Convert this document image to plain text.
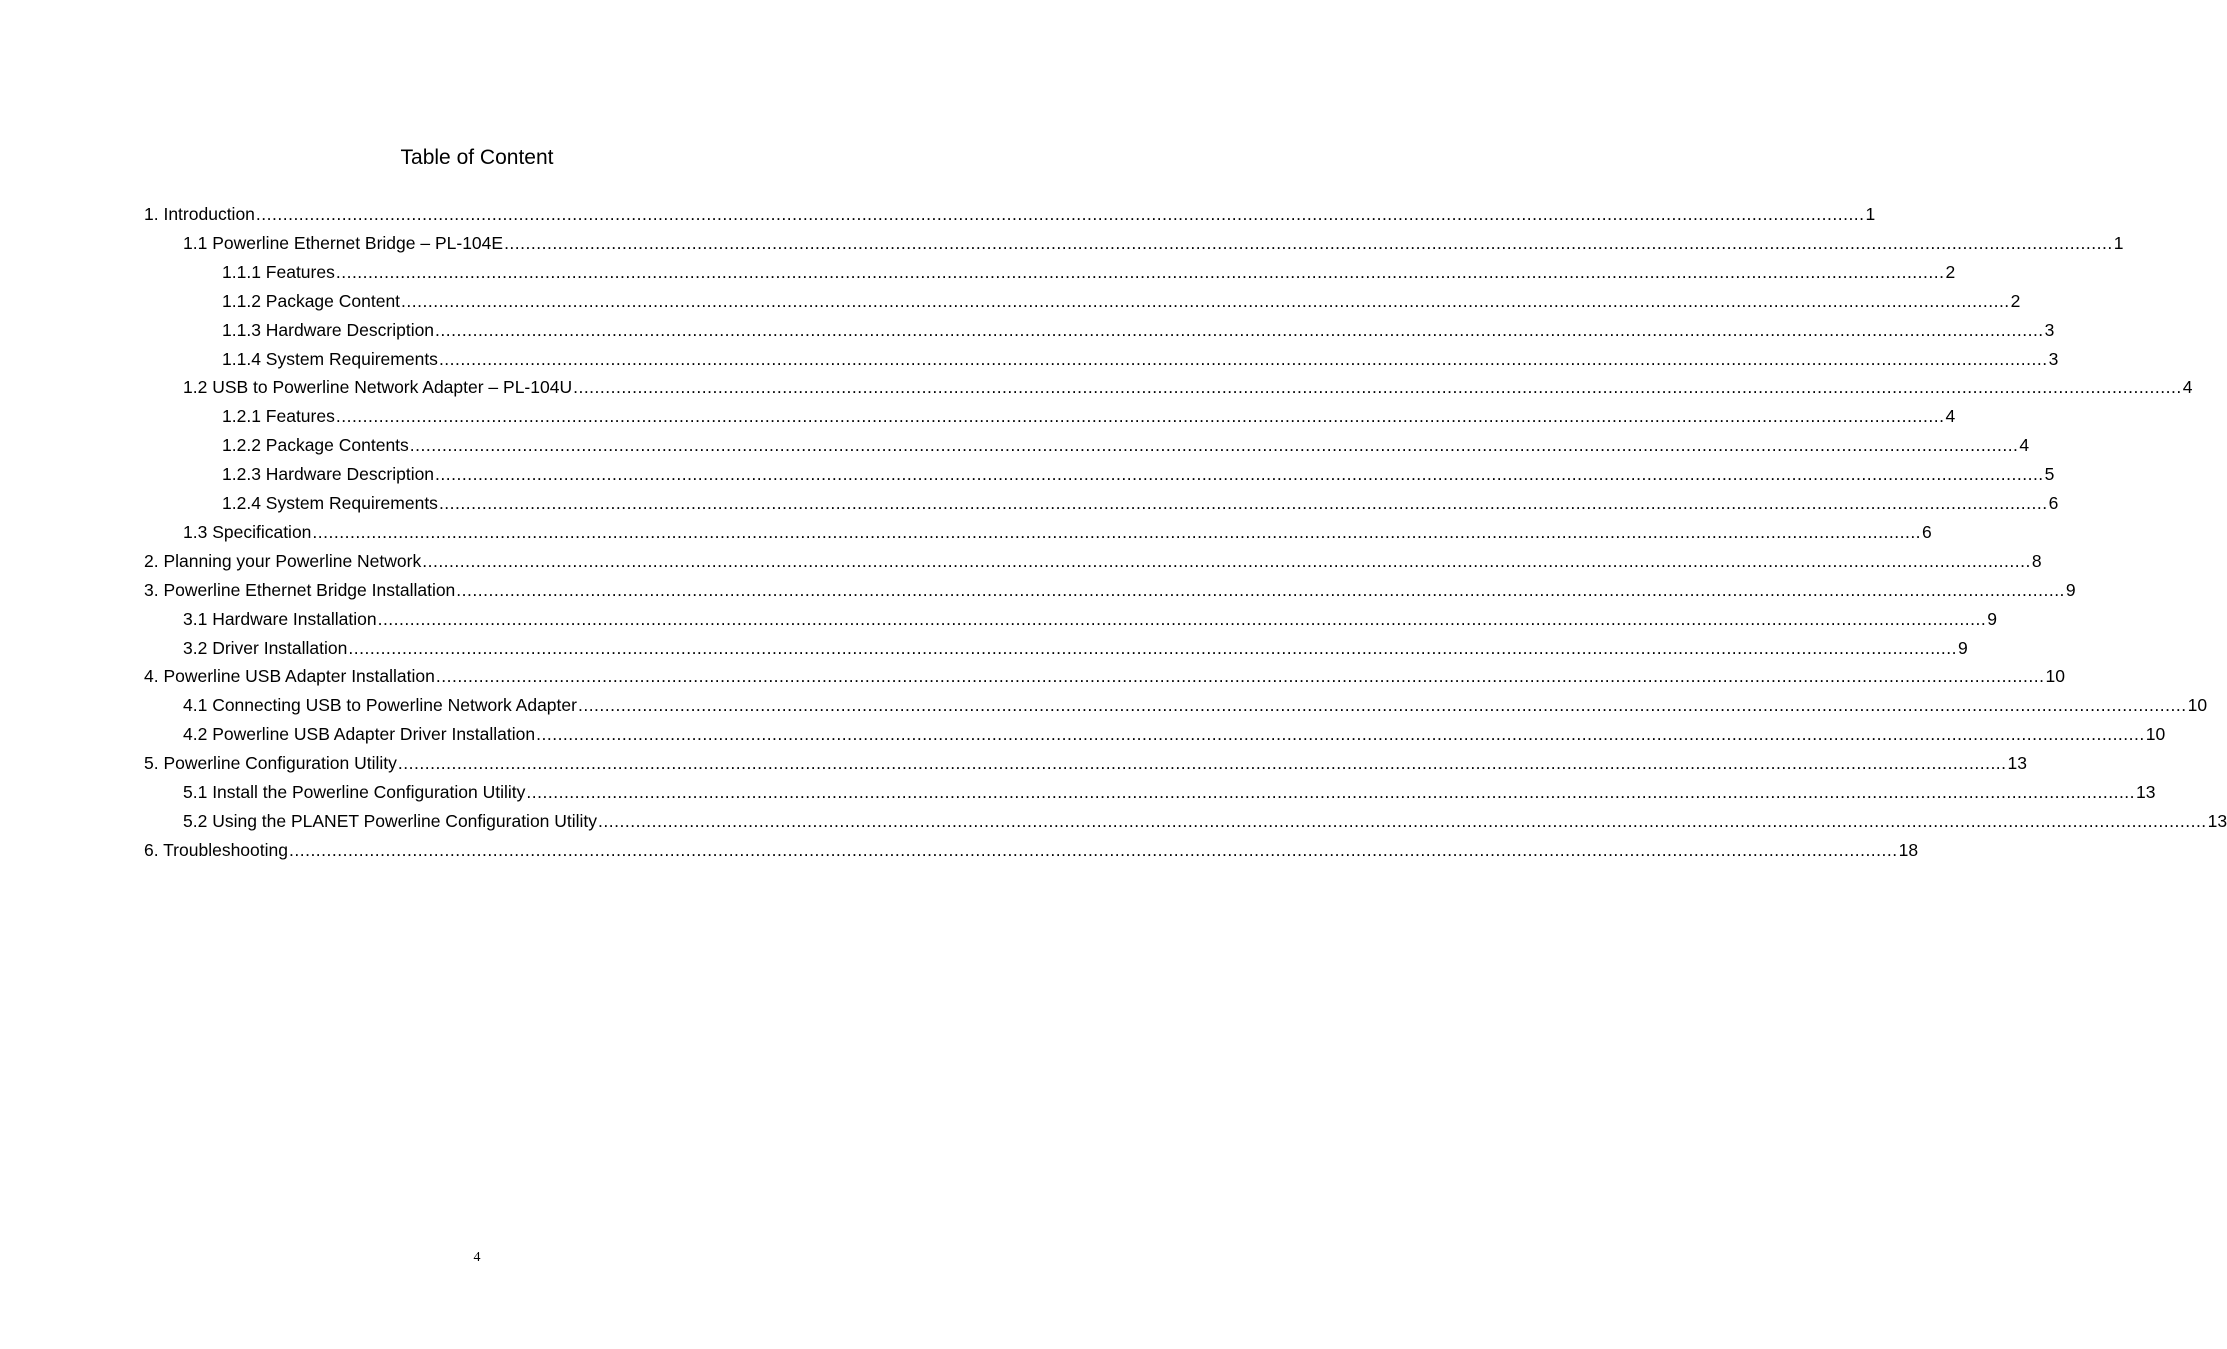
Table of Content
1. Introduction ............................................................................................................................................................................................................................................................................................................ 1
1.1 Powerline Ethernet Bridge – PL-104E ............................................................................................................................................................................................................................................................................................................ 1
1.1.1 Features ............................................................................................................................................................................................................................................................................................................ 2
1.1.2 Package Content ............................................................................................................................................................................................................................................................................................................ 2
1.1.3 Hardware Description ............................................................................................................................................................................................................................................................................................................ 3
1.1.4 System Requirements ............................................................................................................................................................................................................................................................................................................ 3
1.2 USB to Powerline Network Adapter – PL-104U ............................................................................................................................................................................................................................................................................................................ 4
1.2.1 Features ............................................................................................................................................................................................................................................................................................................ 4
1.2.2 Package Contents ............................................................................................................................................................................................................................................................................................................ 4
1.2.3 Hardware Description ............................................................................................................................................................................................................................................................................................................ 5
1.2.4 System Requirements ............................................................................................................................................................................................................................................................................................................ 6
1.3 Specification ............................................................................................................................................................................................................................................................................................................ 6
2. Planning your Powerline Network ............................................................................................................................................................................................................................................................................................................ 8
3. Powerline Ethernet Bridge Installation ............................................................................................................................................................................................................................................................................................................ 9
3.1 Hardware Installation ............................................................................................................................................................................................................................................................................................................ 9
3.2 Driver Installation ............................................................................................................................................................................................................................................................................................................ 9
4. Powerline USB Adapter Installation ............................................................................................................................................................................................................................................................................................................ 10
4.1 Connecting USB to Powerline Network Adapter ............................................................................................................................................................................................................................................................................................................ 10
4.2 Powerline USB Adapter Driver Installation ............................................................................................................................................................................................................................................................................................................ 10
5. Powerline Configuration Utility ............................................................................................................................................................................................................................................................................................................ 13
5.1 Install the Powerline Configuration Utility ............................................................................................................................................................................................................................................................................................................ 13
5.2 Using the PLANET Powerline Configuration Utility ............................................................................................................................................................................................................................................................................................................ 13
6. Troubleshooting ............................................................................................................................................................................................................................................................................................................ 18
4
